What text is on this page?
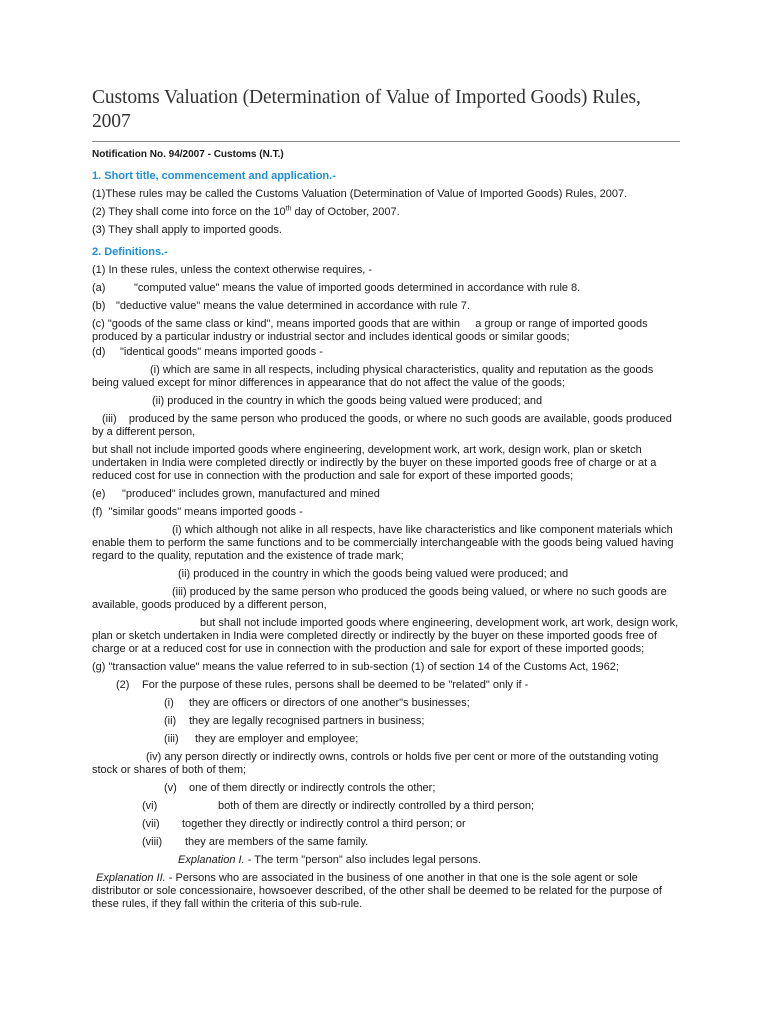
Customs Valuation (Determination of Value of Imported Goods) Rules, 2007
Notification No. 94/2007 - Customs (N.T.)
1. Short title, commencement and application.-
(1)These rules may be called the Customs Valuation (Determination of Value of Imported Goods) Rules, 2007.
(2) They shall come into force on the 10th day of October, 2007.
(3) They shall apply to imported goods.
2. Definitions.-
(1) In these rules, unless the context otherwise requires, -
(a)	"computed value" means the value of imported goods determined in accordance with rule 8.
(b) "deductive value" means the value determined in accordance with rule 7.
(c) "goods of the same class or kind", means imported goods that are within     a group or range of imported goods produced by a particular industry or industrial sector and includes identical goods or similar goods;
(d) "identical goods" means imported goods -
(i) which are same in all respects, including physical characteristics, quality and reputation as the goods being valued except for minor differences in appearance that do not affect the value of the goods;
(ii) produced in the country in which the goods being valued were produced; and
(iii)    produced by the same person who produced the goods, or where no such goods are available, goods produced by a different person,
but shall not include imported goods where engineering, development work, art work, design work, plan or sketch undertaken in India were completed directly or indirectly by the buyer on these imported goods free of charge or at a reduced cost for use in connection with the production and sale for export of these imported goods;
(e) "produced" includes grown, manufactured and mined
(f)  "similar goods" means imported goods -
(i) which although not alike in all respects, have like characteristics and like component materials which enable them to perform the same functions and to be commercially interchangeable with the goods being valued having regard to the quality, reputation and the existence of trade mark;
(ii) produced in the country in which the goods being valued were produced; and
(iii) produced by the same person who produced the goods being valued, or where no such goods are available, goods produced by a different person,
but shall not include imported goods where engineering, development work, art work, design work, plan or sketch undertaken in India were completed directly or indirectly by the buyer on these imported goods free of charge or at a reduced cost for use in connection with the production and sale for export of these imported goods;
(g) "transaction value" means the value referred to in sub-section (1) of section 14 of the Customs Act, 1962;
(2) For the purpose of these rules, persons shall be deemed to be "related" only if -
(i) they are officers or directors of one another"s businesses;
(ii) they are legally recognised partners in business;
(iii) they are employer and employee;
(iv) any person directly or indirectly owns, controls or holds five per cent or more of the outstanding voting stock or shares of both of them;
(v) one of them directly or indirectly controls the other;
(vi)	both of them are directly or indirectly controlled by a third person;
(vii) together they directly or indirectly control a third person; or
(viii) they are members of the same family.
Explanation I. - The term "person" also includes legal persons.
Explanation II. - Persons who are associated in the business of one another in that one is the sole agent or sole distributor or sole concessionaire, howsoever described, of the other shall be deemed to be related for the purpose of these rules, if they fall within the criteria of this sub-rule.
